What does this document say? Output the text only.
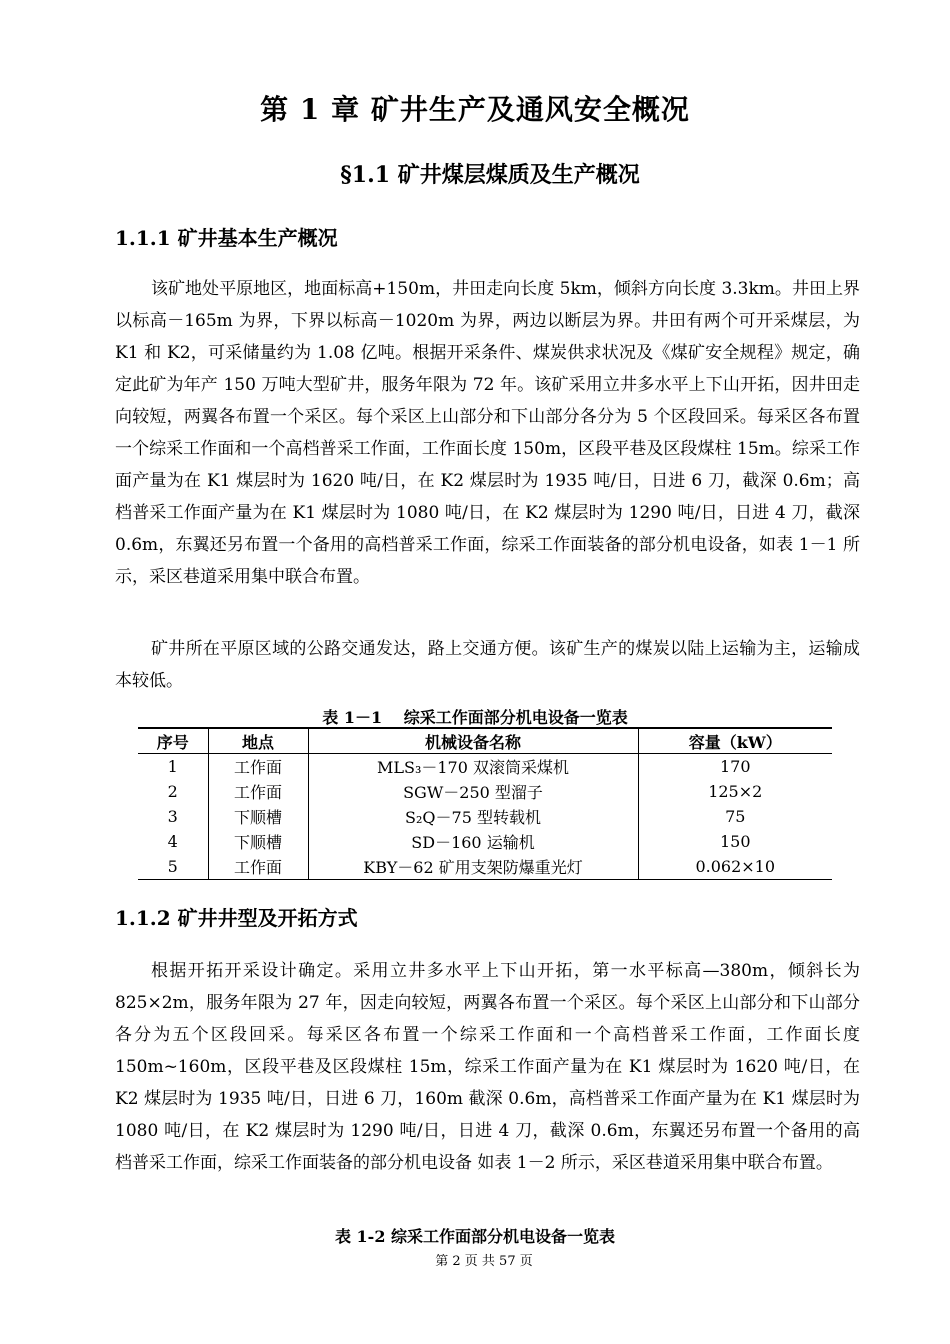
第 1 章 矿井生产及通风安全概况
§1.1 矿井煤层煤质及生产概况
1.1.1 矿井基本生产概况

该矿地处平原地区，地面标高+150m，井田走向长度 5km，倾斜方向长度 3.3km。井田上界以标高－165m 为界，下界以标高－1020m 为界，两边以断层为界。井田有两个可开采煤层，为 K1 和 K2，可采储量约为 1.08 亿吨。根据开采条件、煤炭供求状况及《煤矿安全规程》规定，确定此矿为年产 150 万吨大型矿井，服务年限为 72 年。该矿采用立井多水平上下山开拓，因井田走向较短，两翼各布置一个采区。每个采区上山部分和下山部分各分为 5 个区段回采。每采区各布置一个综采工作面和一个高档普采工作面，工作面长度 150m，区段平巷及区段煤柱 15m。综采工作面产量为在 K1 煤层时为 1620 吨/日，在 K2 煤层时为 1935 吨/日，日进 6 刀，截深 0.6m；高档普采工作面产量为在 K1 煤层时为 1080 吨/日，在 K2 煤层时为 1290 吨/日，日进 4 刀，截深 0.6m，东翼还另布置一个备用的高档普采工作面，综采工作面装备的部分机电设备，如表 1－1 所示，采区巷道采用集中联合布置。

矿井所在平原区域的公路交通发达，路上交通方便。该矿生产的煤炭以陆上运输为主，运输成本较低。

表 1－1　 综采工作面部分机电设备一览表
序号	地点	机械设备名称	容量（kW）
1	工作面	MLS₃－170 双滚筒采煤机	170
2	工作面	SGW－250 型溜子	125×2
3	下顺槽	S₂Q－75 型转载机	75
4	下顺槽	SD－160 运输机	150
5	工作面	KBY－62 矿用支架防爆重光灯	0.062×10
1.1.2 矿井井型及开拓方式

根据开拓开采设计确定。采用立井多水平上下山开拓，第一水平标高—380m，倾斜长为825×2m，服务年限为 27 年，因走向较短，两翼各布置一个采区。每个采区上山部分和下山部分各分为五个区段回采。每采区各布置一个综采工作面和一个高档普采工作面，工作面长度 150m~160m，区段平巷及区段煤柱 15m，综采工作面产量为在 K1 煤层时为 1620 吨/日，在 K2 煤层时为 1935 吨/日，日进 6 刀，160m 截深 0.6m，高档普采工作面产量为在 K1 煤层时为 1080 吨/日，在 K2 煤层时为 1290 吨/日，日进 4 刀，截深 0.6m，东翼还另布置一个备用的高档普采工作面，综采工作面装备的部分机电设备 如表 1－2 所示，采区巷道采用集中联合布置。

表 1-2 综采工作面部分机电设备一览表
第 2 页 共 57 页
